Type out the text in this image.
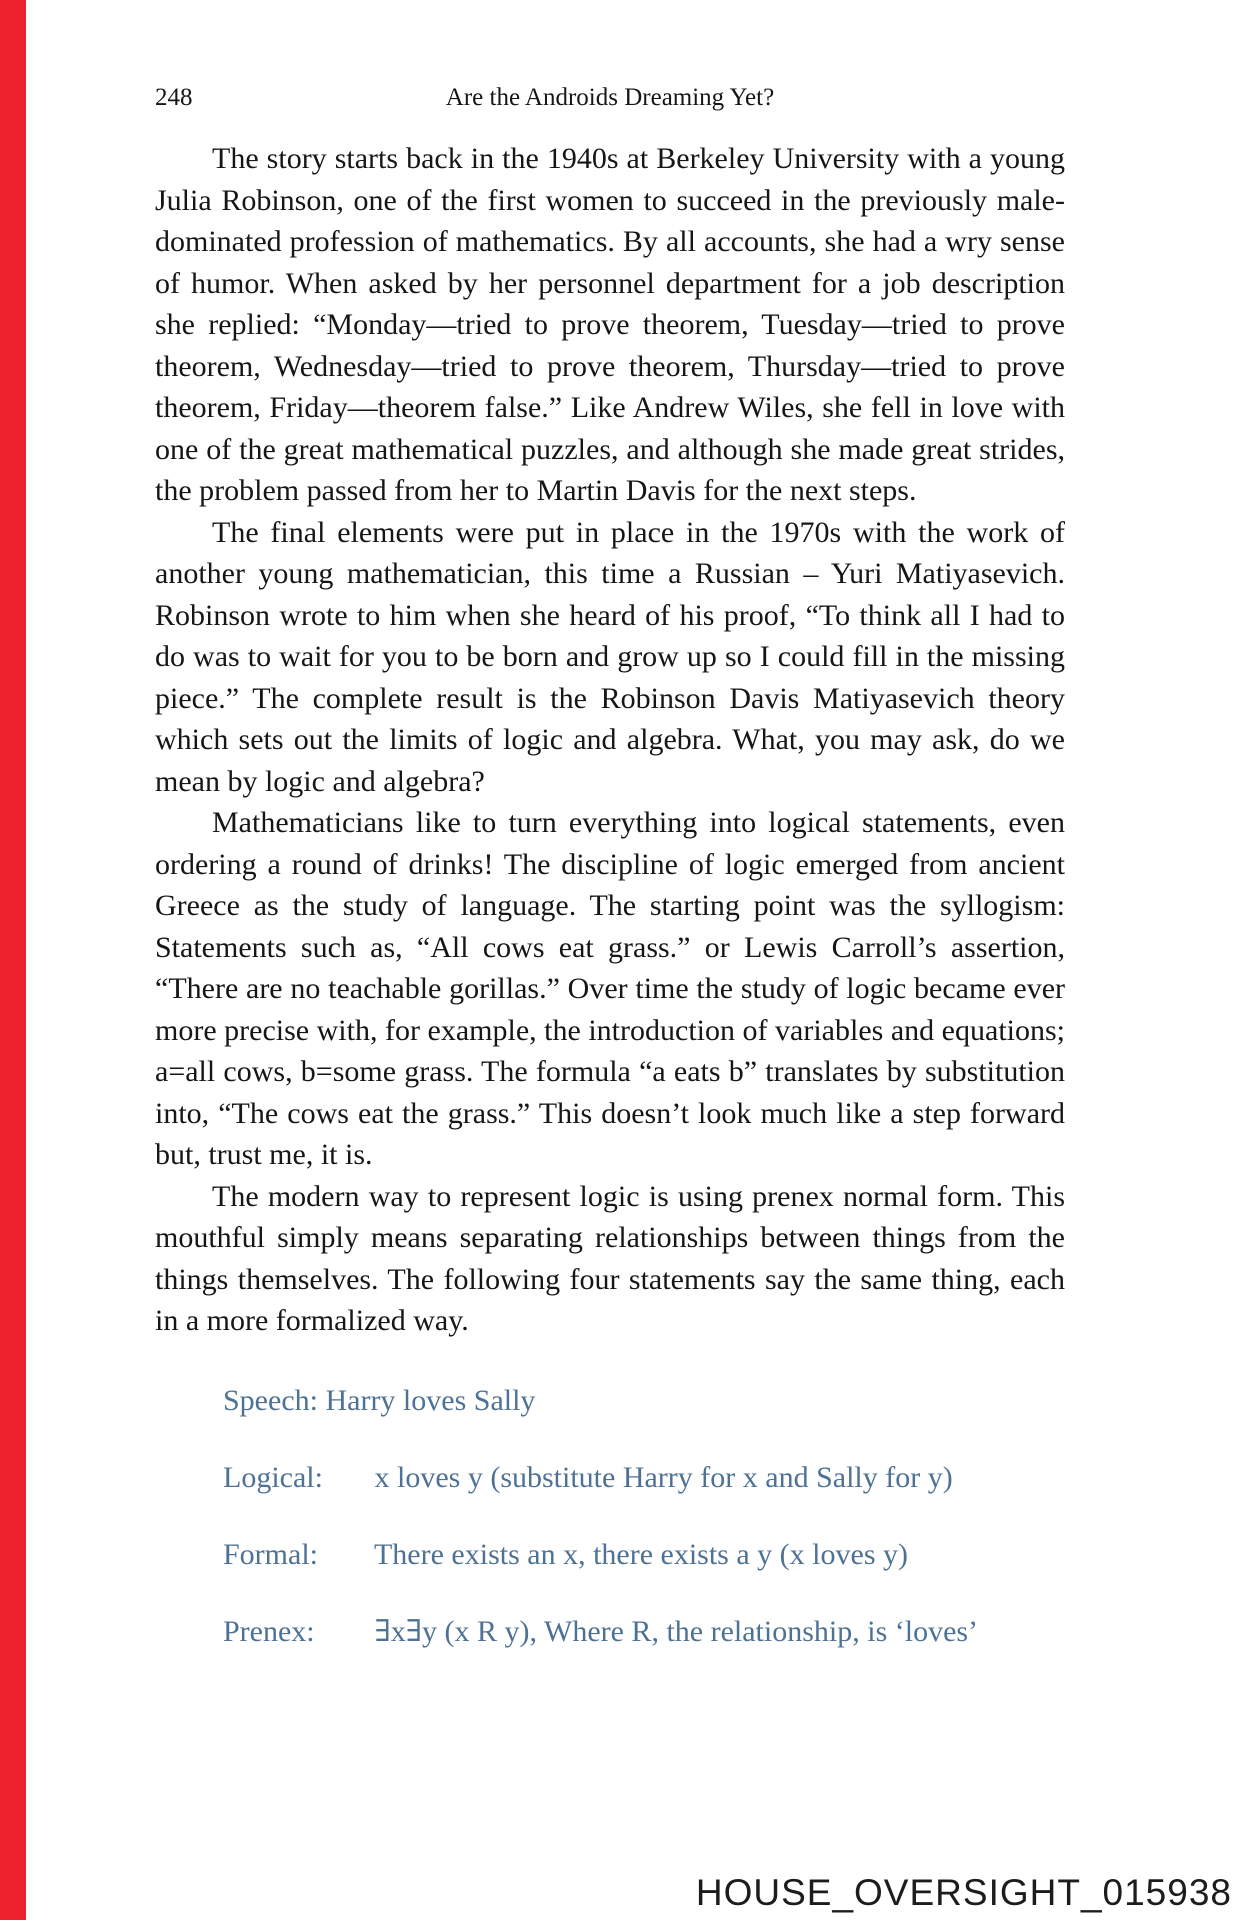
248	Are the Androids Dreaming Yet?

The story starts back in the 1940s at Berkeley University with a young Julia Robinson, one of the first women to succeed in the previously male-dominated profession of mathematics. By all accounts, she had a wry sense of humor. When asked by her personnel department for a job description she replied: “Monday—tried to prove theorem, Tuesday—tried to prove theorem, Wednesday—tried to prove theorem, Thursday—tried to prove theorem, Friday—theorem false.” Like Andrew Wiles, she fell in love with one of the great mathematical puzzles, and although she made great strides, the problem passed from her to Martin Davis for the next steps.

The final elements were put in place in the 1970s with the work of another young mathematician, this time a Russian – Yuri Matiyasevich. Robinson wrote to him when she heard of his proof, “To think all I had to do was to wait for you to be born and grow up so I could fill in the missing piece.” The complete result is the Robinson Davis Matiyasevich theory which sets out the limits of logic and algebra. What, you may ask, do we mean by logic and algebra?

Mathematicians like to turn everything into logical statements, even ordering a round of drinks! The discipline of logic emerged from ancient Greece as the study of language. The starting point was the syllogism: Statements such as, “All cows eat grass.” or Lewis Carroll’s assertion, “There are no teachable gorillas.” Over time the study of logic became ever more precise with, for example, the introduction of variables and equations; a=all cows, b=some grass. The formula “a eats b” translates by substitution into, “The cows eat the grass.” This doesn’t look much like a step forward but, trust me, it is.

The modern way to represent logic is using prenex normal form. This mouthful simply means separating relationships between things from the things themselves. The following four statements say the same thing, each in a more formalized way.

Speech: Harry loves Sally
Logical: x loves y (substitute Harry for x and Sally for y)
Formal: There exists an x, there exists a y (x loves y)
Prenex: ∃x∃y (x R y), Where R, the relationship, is ‘loves’
HOUSE_OVERSIGHT_015938
